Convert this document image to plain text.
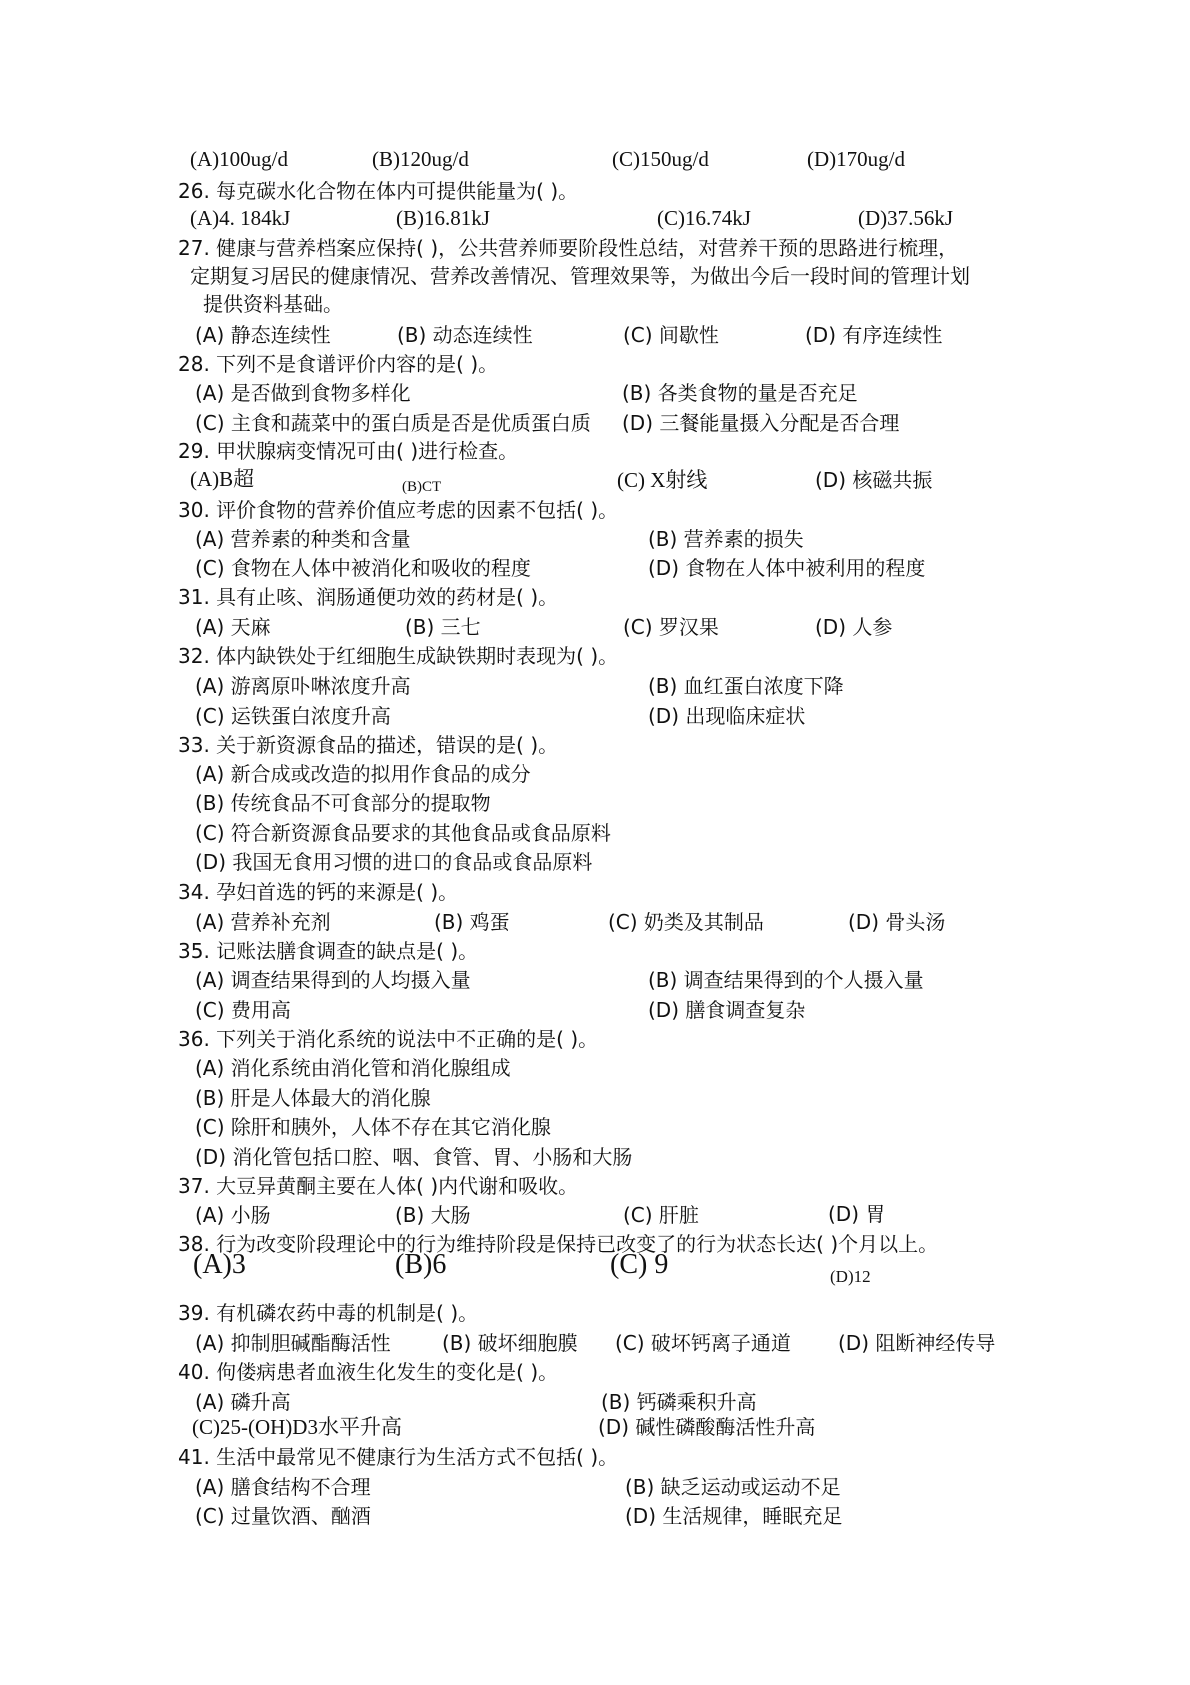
(A)100ug/d	(B)120ug/d	(C)150ug/d	(D)170ug/d
26. 每克碳水化合物在体内可提供能量为( )。
(A)4. 184kJ	(B)16.81kJ	(C)16.74kJ	(D)37.56kJ
27. 健康与营养档案应保持( )，公共营养师要阶段性总结，对营养干预的思路进行梳理，
定期复习居民的健康情况、营养改善情况、管理效果等，为做出今后一段时间的管理计划
提供资料基础。
(A) 静态连续性	(B) 动态连续性	(C) 间歇性	(D) 有序连续性
28. 下列不是食谱评价内容的是( )。
(A) 是否做到食物多样化	(B) 各类食物的量是否充足
(C) 主食和蔬菜中的蛋白质是否是优质蛋白质 (D) 三餐能量摄入分配是否合理
29. 甲状腺病变情况可由( )进行检查。
(A)B超	(B)CT	(C) X射线	(D) 核磁共振
30. 评价食物的营养价值应考虑的因素不包括( )。
(A) 营养素的种类和含量	(B) 营养素的损失
(C) 食物在人体中被消化和吸收的程度	(D) 食物在人体中被利用的程度
31. 具有止咳、润肠通便功效的药材是( )。
(A) 天麻	(B) 三七	(C) 罗汉果	(D) 人参
32. 体内缺铁处于红细胞生成缺铁期时表现为( )。
(A) 游离原卟啉浓度升高	(B) 血红蛋白浓度下降
(C) 运铁蛋白浓度升高	(D) 出现临床症状
33. 关于新资源食品的描述，错误的是( )。
(A) 新合成或改造的拟用作食品的成分
(B) 传统食品不可食部分的提取物
(C) 符合新资源食品要求的其他食品或食品原料
(D) 我国无食用习惯的进口的食品或食品原料
34. 孕妇首选的钙的来源是( )。
(A) 营养补充剂	(B) 鸡蛋	(C) 奶类及其制品	(D) 骨头汤
35. 记账法膳食调查的缺点是( )。
(A) 调查结果得到的人均摄入量	(B) 调查结果得到的个人摄入量
(C) 费用高	(D) 膳食调查复杂
36. 下列关于消化系统的说法中不正确的是( )。
(A) 消化系统由消化管和消化腺组成
(B) 肝是人体最大的消化腺
(C) 除肝和胰外，人体不存在其它消化腺
(D) 消化管包括口腔、咽、食管、胃、小肠和大肠
37. 大豆异黄酮主要在人体( )内代谢和吸收。
(A) 小肠	(B) 大肠	(C) 肝脏	(D) 胃
38. 行为改变阶段理论中的行为维持阶段是保持已改变了的行为状态长达( )个月以上。
(A)3	(B)6	(C) 9	(D)12
39. 有机磷农药中毒的机制是( )。
(A) 抑制胆碱酯酶活性	(B) 破坏细胞膜 (C) 破坏钙离子通道 (D) 阻断神经传导
40. 佝偻病患者血液生化发生的变化是( )。
(A) 磷升高	(B) 钙磷乘积升高
(C)25-(OH)D3水平升高	(D) 碱性磷酸酶活性升高
41. 生活中最常见不健康行为生活方式不包括( )。
(A) 膳食结构不合理	(B) 缺乏运动或运动不足
(C) 过量饮酒、酗酒	(D) 生活规律，睡眠充足
